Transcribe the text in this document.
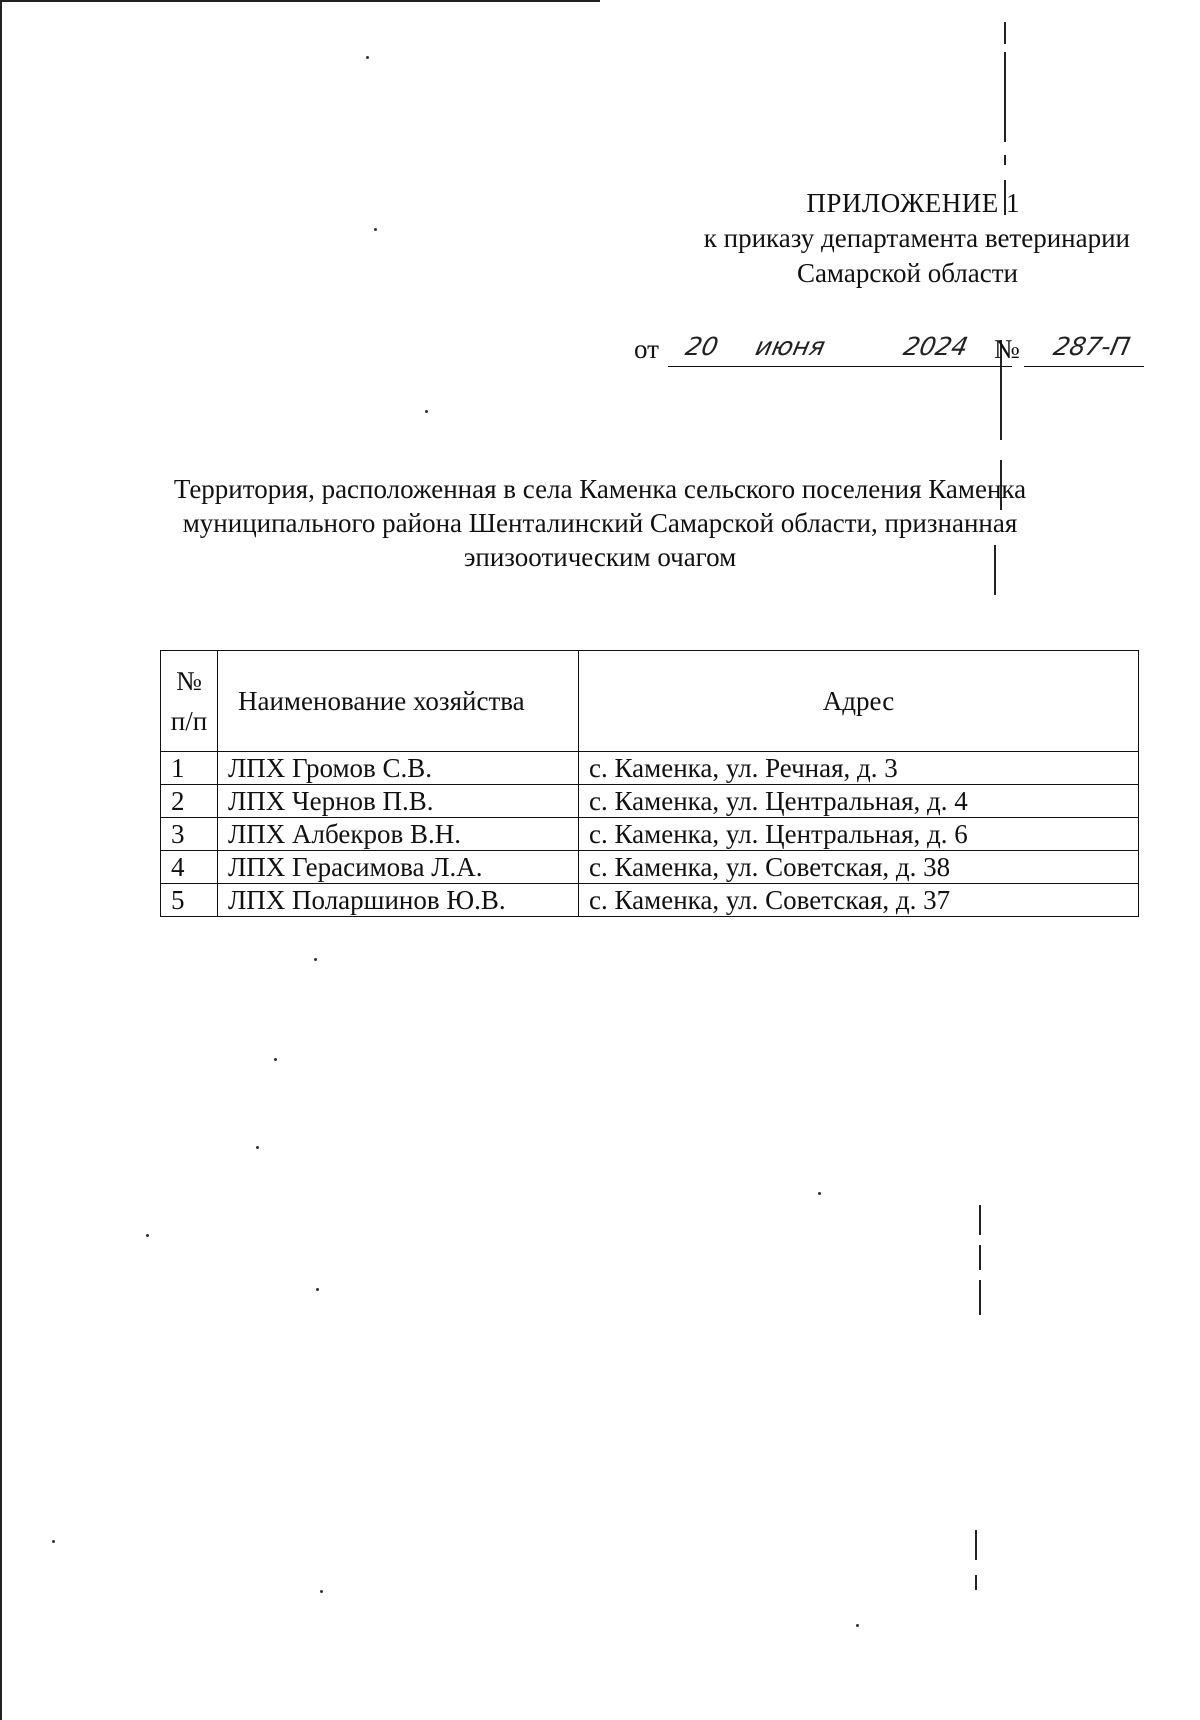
ПРИЛОЖЕНИЕ 1
к приказу департамента ветеринарии
Самарской области
от 20 июня	2024 № 287-П
Территория, расположенная в села Каменка сельского поселения Каменка
муниципального района Шенталинский Самарской области, признанная
эпизоотическим очагом
№
п/п	Наименование хозяйства	Адрес
1	ЛПХ Громов С.В.	с. Каменка, ул. Речная, д. 3
2	ЛПХ Чернов П.В.	с. Каменка, ул. Центральная, д. 4
3	ЛПХ Албекров В.Н.	с. Каменка, ул. Центральная, д. 6
4	ЛПХ Герасимова Л.А.	с. Каменка, ул. Советская, д. 38
5	ЛПХ Поларшинов Ю.В.	с. Каменка, ул. Советская, д. 37
